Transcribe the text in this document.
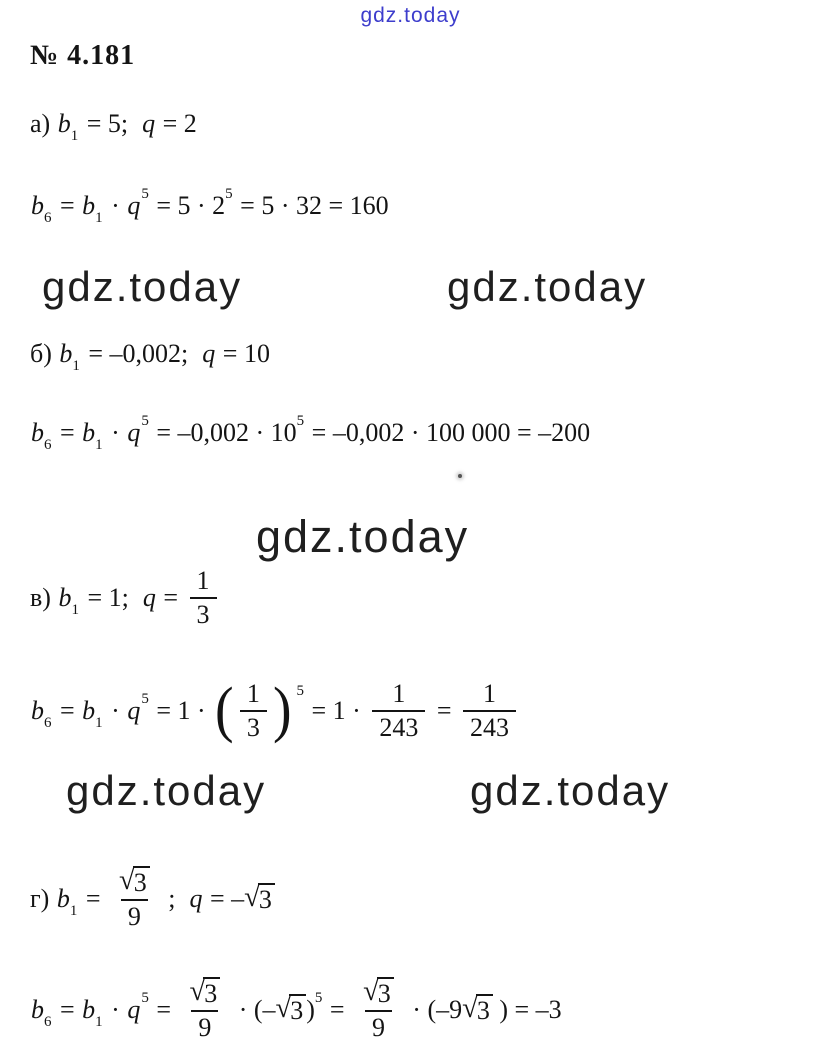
gdz.today
№ 4.181
а) b 1 = 5; q = 2
b 6 = b 1 · q 5 = 5 · 2 5 = 5 · 32 = 160
gdz.today	gdz.today
б) b 1 = –0,002; q = 10
b 6 = b 1 · q 5 = –0,002 · 10 5 = –0,002 · 100 000 = –200
gdz.today
в) b 1 = 1; $q = \frac{1}{3}$
b 6 = b 1 · q 5 = 1 · ( $\frac{1}{3}$ ) 5
= $1 \cdot \frac{1}{243} = \frac{1}{243}$
gdz.today	gdz.today
г) b $1 = \frac{√ 3}{9}$ ; q = – √ 3
b 6 = b 1 · q $5 = \frac{√ 3}{9}$ · (– √ 3 ) $5 = \frac{√ 3}{9} \cdot (-9$ √ 3 ) = –3
